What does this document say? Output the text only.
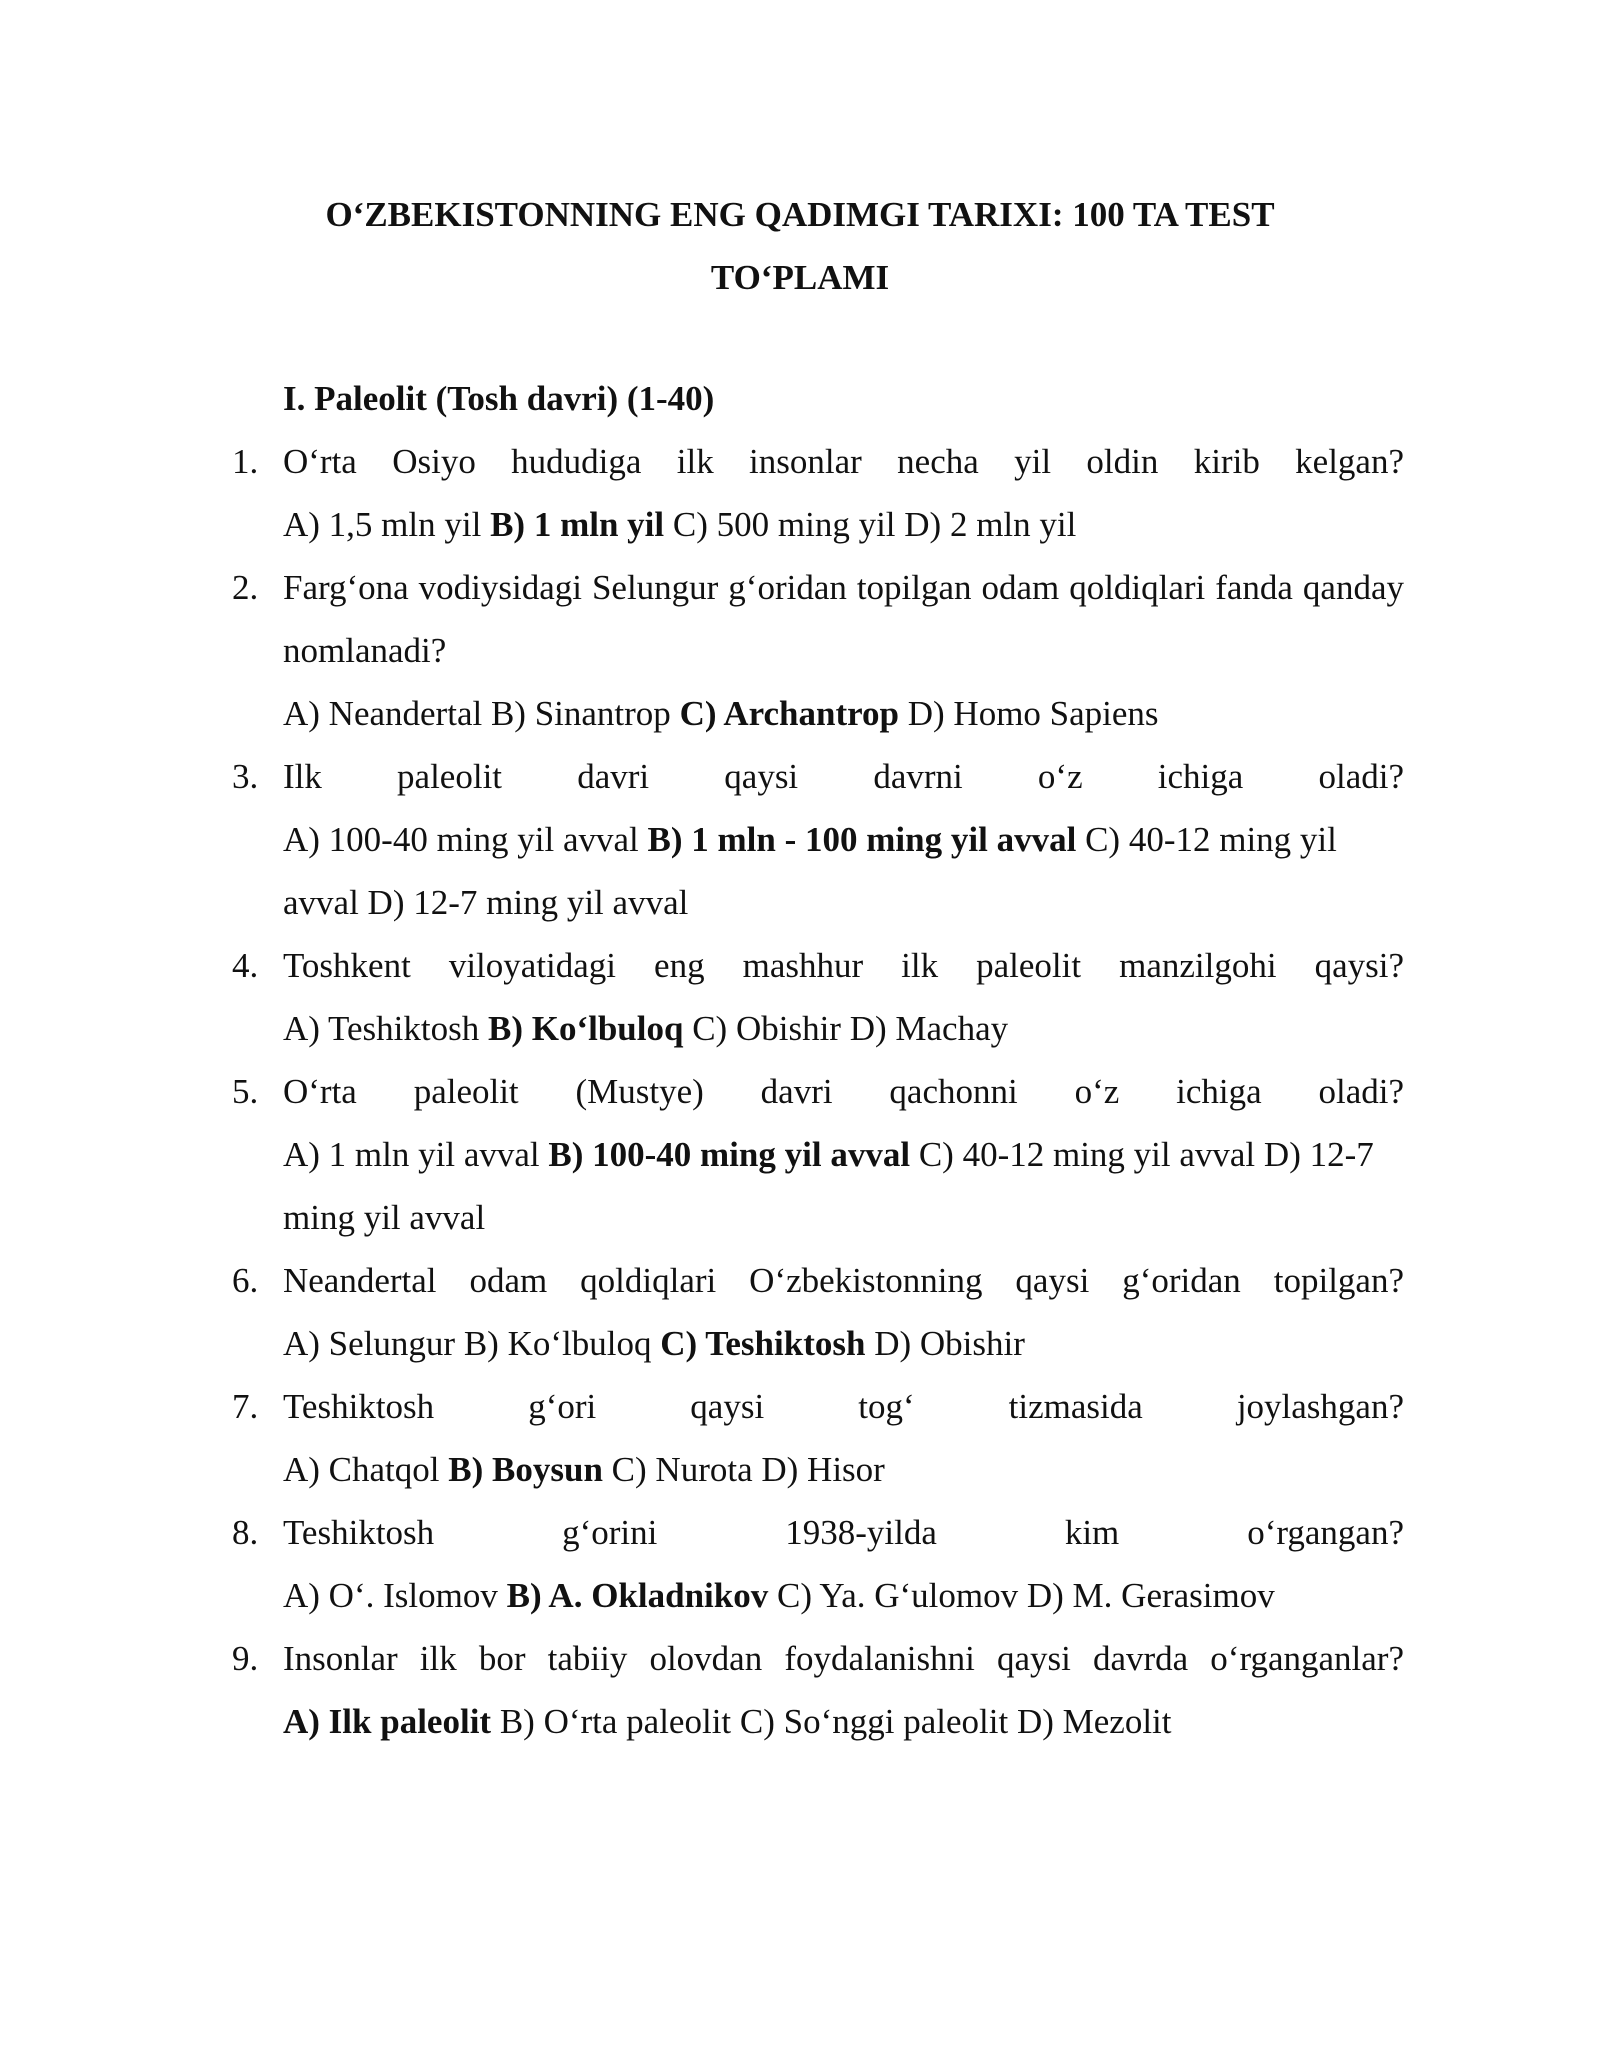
O‘ZBEKISTONNING ENG QADIMGI TARIXI: 100 TA TEST
TO‘PLAMI
I. Paleolit (Tosh davri) (1-40)
1. O‘rta Osiyo hududiga ilk insonlar necha yil oldin kirib kelgan?
A) 1,5 mln yil B) 1 mln yil C) 500 ming yil D) 2 mln yil
2. Farg‘ona vodiysidagi Selungur g‘oridan topilgan odam qoldiqlari fanda qanday nomlanadi?
A) Neandertal B) Sinantrop C) Archantrop D) Homo Sapiens
3. Ilk paleolit davri qaysi davrni o‘z ichiga oladi?
A) 100-40 ming yil avval B) 1 mln - 100 ming yil avval C) 40-12 ming yil avval D) 12-7 ming yil avval
4. Toshkent viloyatidagi eng mashhur ilk paleolit manzilgohi qaysi?
A) Teshiktosh B) Ko‘lbuloq C) Obishir D) Machay
5. O‘rta paleolit (Mustye) davri qachonni o‘z ichiga oladi?
A) 1 mln yil avval B) 100-40 ming yil avval C) 40-12 ming yil avval D) 12-7 ming yil avval
6. Neandertal odam qoldiqlari O‘zbekistonning qaysi g‘oridan topilgan?
A) Selungur B) Ko‘lbuloq C) Teshiktosh D) Obishir
7. Teshiktosh g‘ori qaysi tog‘ tizmasida joylashgan?
A) Chatqol B) Boysun C) Nurota D) Hisor
8. Teshiktosh g‘orini 1938-yilda kim o‘rgangan?
A) O‘. Islomov B) A. Okladnikov C) Ya. G‘ulomov D) M. Gerasimov
9. Insonlar ilk bor tabiiy olovdan foydalanishni qaysi davrda o‘rganganlar?
A) Ilk paleolit B) O‘rta paleolit C) So‘nggi paleolit D) Mezolit
